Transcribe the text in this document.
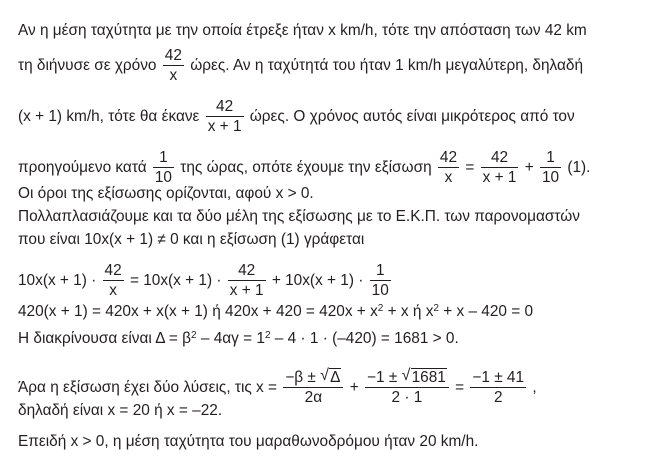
Αν η μέση ταχύτητα με την οποία έτρεξε ήταν x km/h, τότε την απόσταση των 42 km
τη διήνυσε σε χρόνο $\frac{42}{x} ώ\rho\varepsilon\varsigma$. Αν η ταχύτητά του ήταν 1 km/h μεγαλύτερη, δηλαδή
(x + 1) km/h, τότε θα έκανε $\frac{42}{x + 1} ώ\rho\varepsilon\varsigma$. Ο χρόνος αυτός είναι μικρότερος από τον
προηγούμενο κατά $\frac{1}{10}$ της ώρας, οπότε έχουμε την εξίσωση $\frac{42}{x} = \frac{42}{x + 1} + \frac{1}{10} (1)$.
Οι όροι της εξίσωσης ορίζονται, αφού x > 0.
Πολλαπλασιάζουμε και τα δύο μέλη της εξίσωσης με το Ε.Κ.Π. των παρονομαστών
που είναι 10x(x + 1) ≠ 0 και η εξίσωση (1) γράφεται
$10x(x + 1) \cdot \frac{42}{x} = 10x(x + 1) \cdot \frac{42}{x + 1} + 10x(x + 1) \cdot \frac{1}{10}$
420(x + 1) = 420x + x(x + 1) ή $420x + 420 = 420x + x^2 + x$ ή $x^2 + x - 420 = 0$
Η διακρίνουσα είναι $\Delta = \beta^2 - 4\alpha\gamma = 1^2 - 4 \cdot 1 \cdot (-420) = 1681 > 0$.
Άρα η εξίσωση έχει δύο λύσεις, τις $x = \frac{-\beta \pm √ \Delta}{2\alpha} + \frac{-1 \pm √ 1681}{2 \cdot 1} = \frac{-1 \pm 41}{2}$ ,
δηλαδή είναι x = 20 ή x = –22.
Επειδή x > 0, η μέση ταχύτητα του μαραθωνοδρόμου ήταν 20 km/h.
